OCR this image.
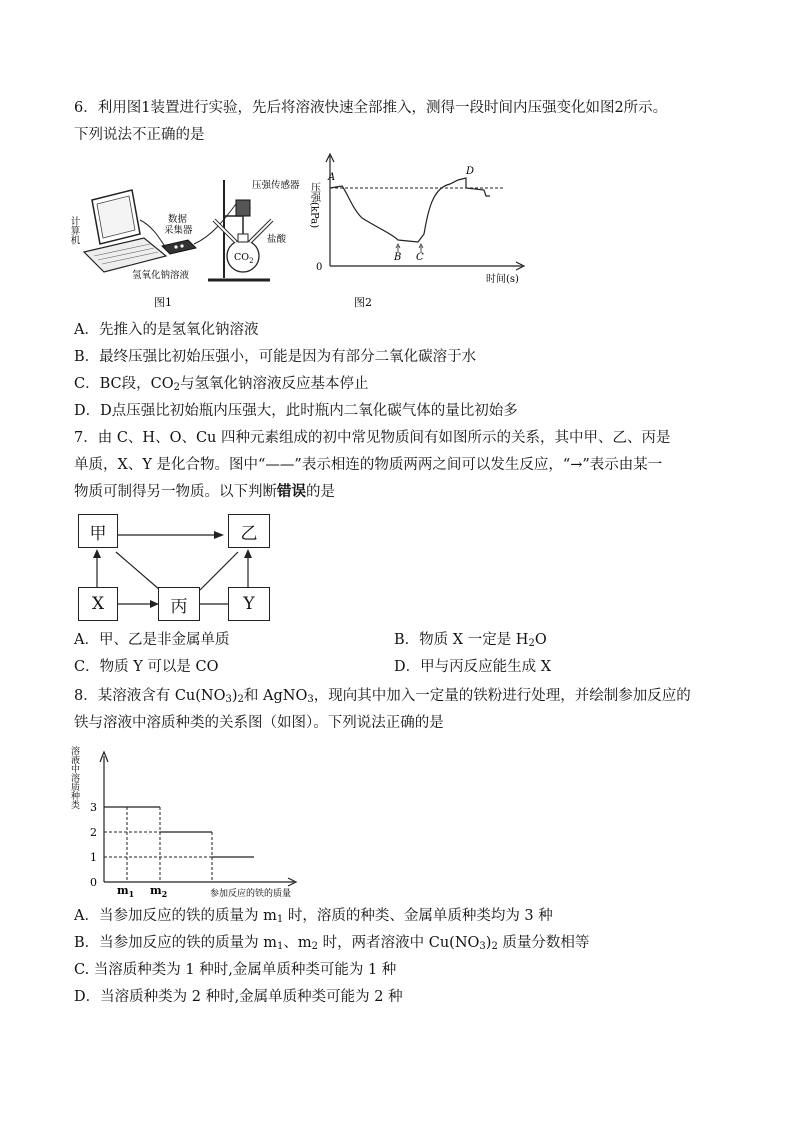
6．利用图1装置进行实验，先后将溶液快速全部推入，测得一段时间内压强变化如图2所示。
下列说法不正确的是
计算机	数据
采集器
压强传感器
盐酸
氢氧化钠溶液
$CO_2$
图1
压强(kPa)
0
时间(s)
A
B C
D
图2
A．先推入的是氢氧化钠溶液
B．最终压强比初始压强小，可能是因为有部分二氧化碳溶于水
C．BC段，$CO_2$与氢氧化钠溶液反应基本停止
D．D点压强比初始瓶内压强大，此时瓶内二氧化碳气体的量比初始多
7．由 C、H、O、Cu 四种元素组成的初中常见物质间有如图所示的关系，其中甲、乙、丙是
单质，X、Y 是化合物。图中“——”表示相连的物质两两之间可以发生反应，“→”表示由某一
物质可制得另一物质。以下判断错误的是
甲	乙
X	丙	Y
A．甲、乙是非金属单质	B．物质 X 一定是 $H_2O$
C．物质 Y 可以是 CO	D．甲与丙反应能生成 X
8．某溶液含有 $Cu(NO_3)_2$和 AgNO$_3$，现向其中加入一定量的铁粉进行处理，并绘制参加反应的
铁与溶液中溶质种类的关系图（如图）。下列说法正确的是
溶液中溶质种类
参加反应的铁的质量
0
1
2
3
$m_1$ $m_2$
A．当参加反应的铁的质量为 $m_1$ 时，溶质的种类、金属单质种类均为 3 种
B．当参加反应的铁的质量为 $m_1$、$m_2$ 时，两者溶液中 $Cu(NO_3)_2$ 质量分数相等
C. 当溶质种类为 1 种时,金属单质种类可能为 1 种
D．当溶质种类为 2 种时,金属单质种类可能为 2 种
